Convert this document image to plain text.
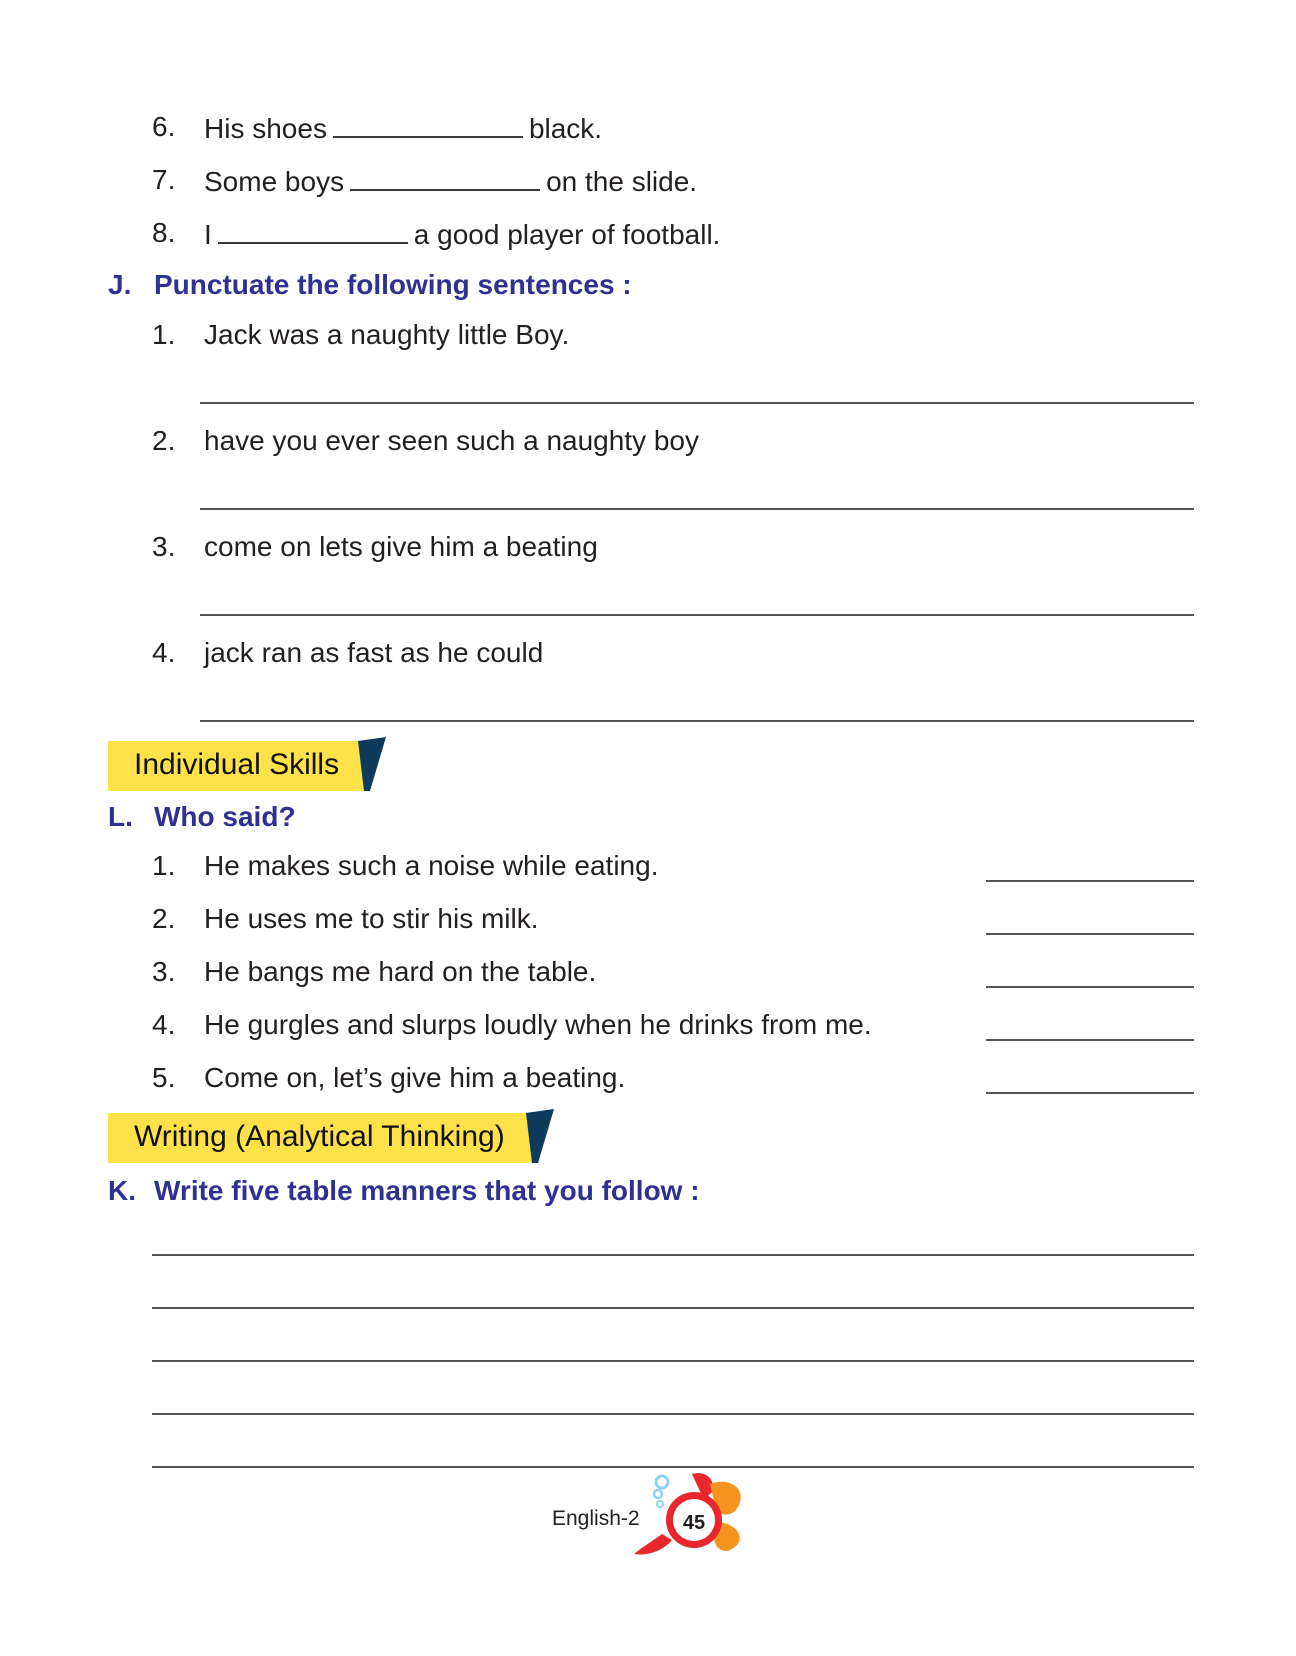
6. His shoes	black.
7. Some boys	on the slide.
8. I	a good player of football.
J. Punctuate the following sentences :
1. Jack was a naughty little Boy.
2. have you ever seen such a naughty boy
3. come on lets give him a beating
4. jack ran as fast as he could
Individual Skills
L. Who said?
1. He makes such a noise while eating.
2. He uses me to stir his milk.
3. He bangs me hard on the table.
4. He gurgles and slurps loudly when he drinks from me.
5. Come on, let’s give him a beating.
Writing (Analytical Thinking)
K. Write five table manners that you follow :
English-2	45
